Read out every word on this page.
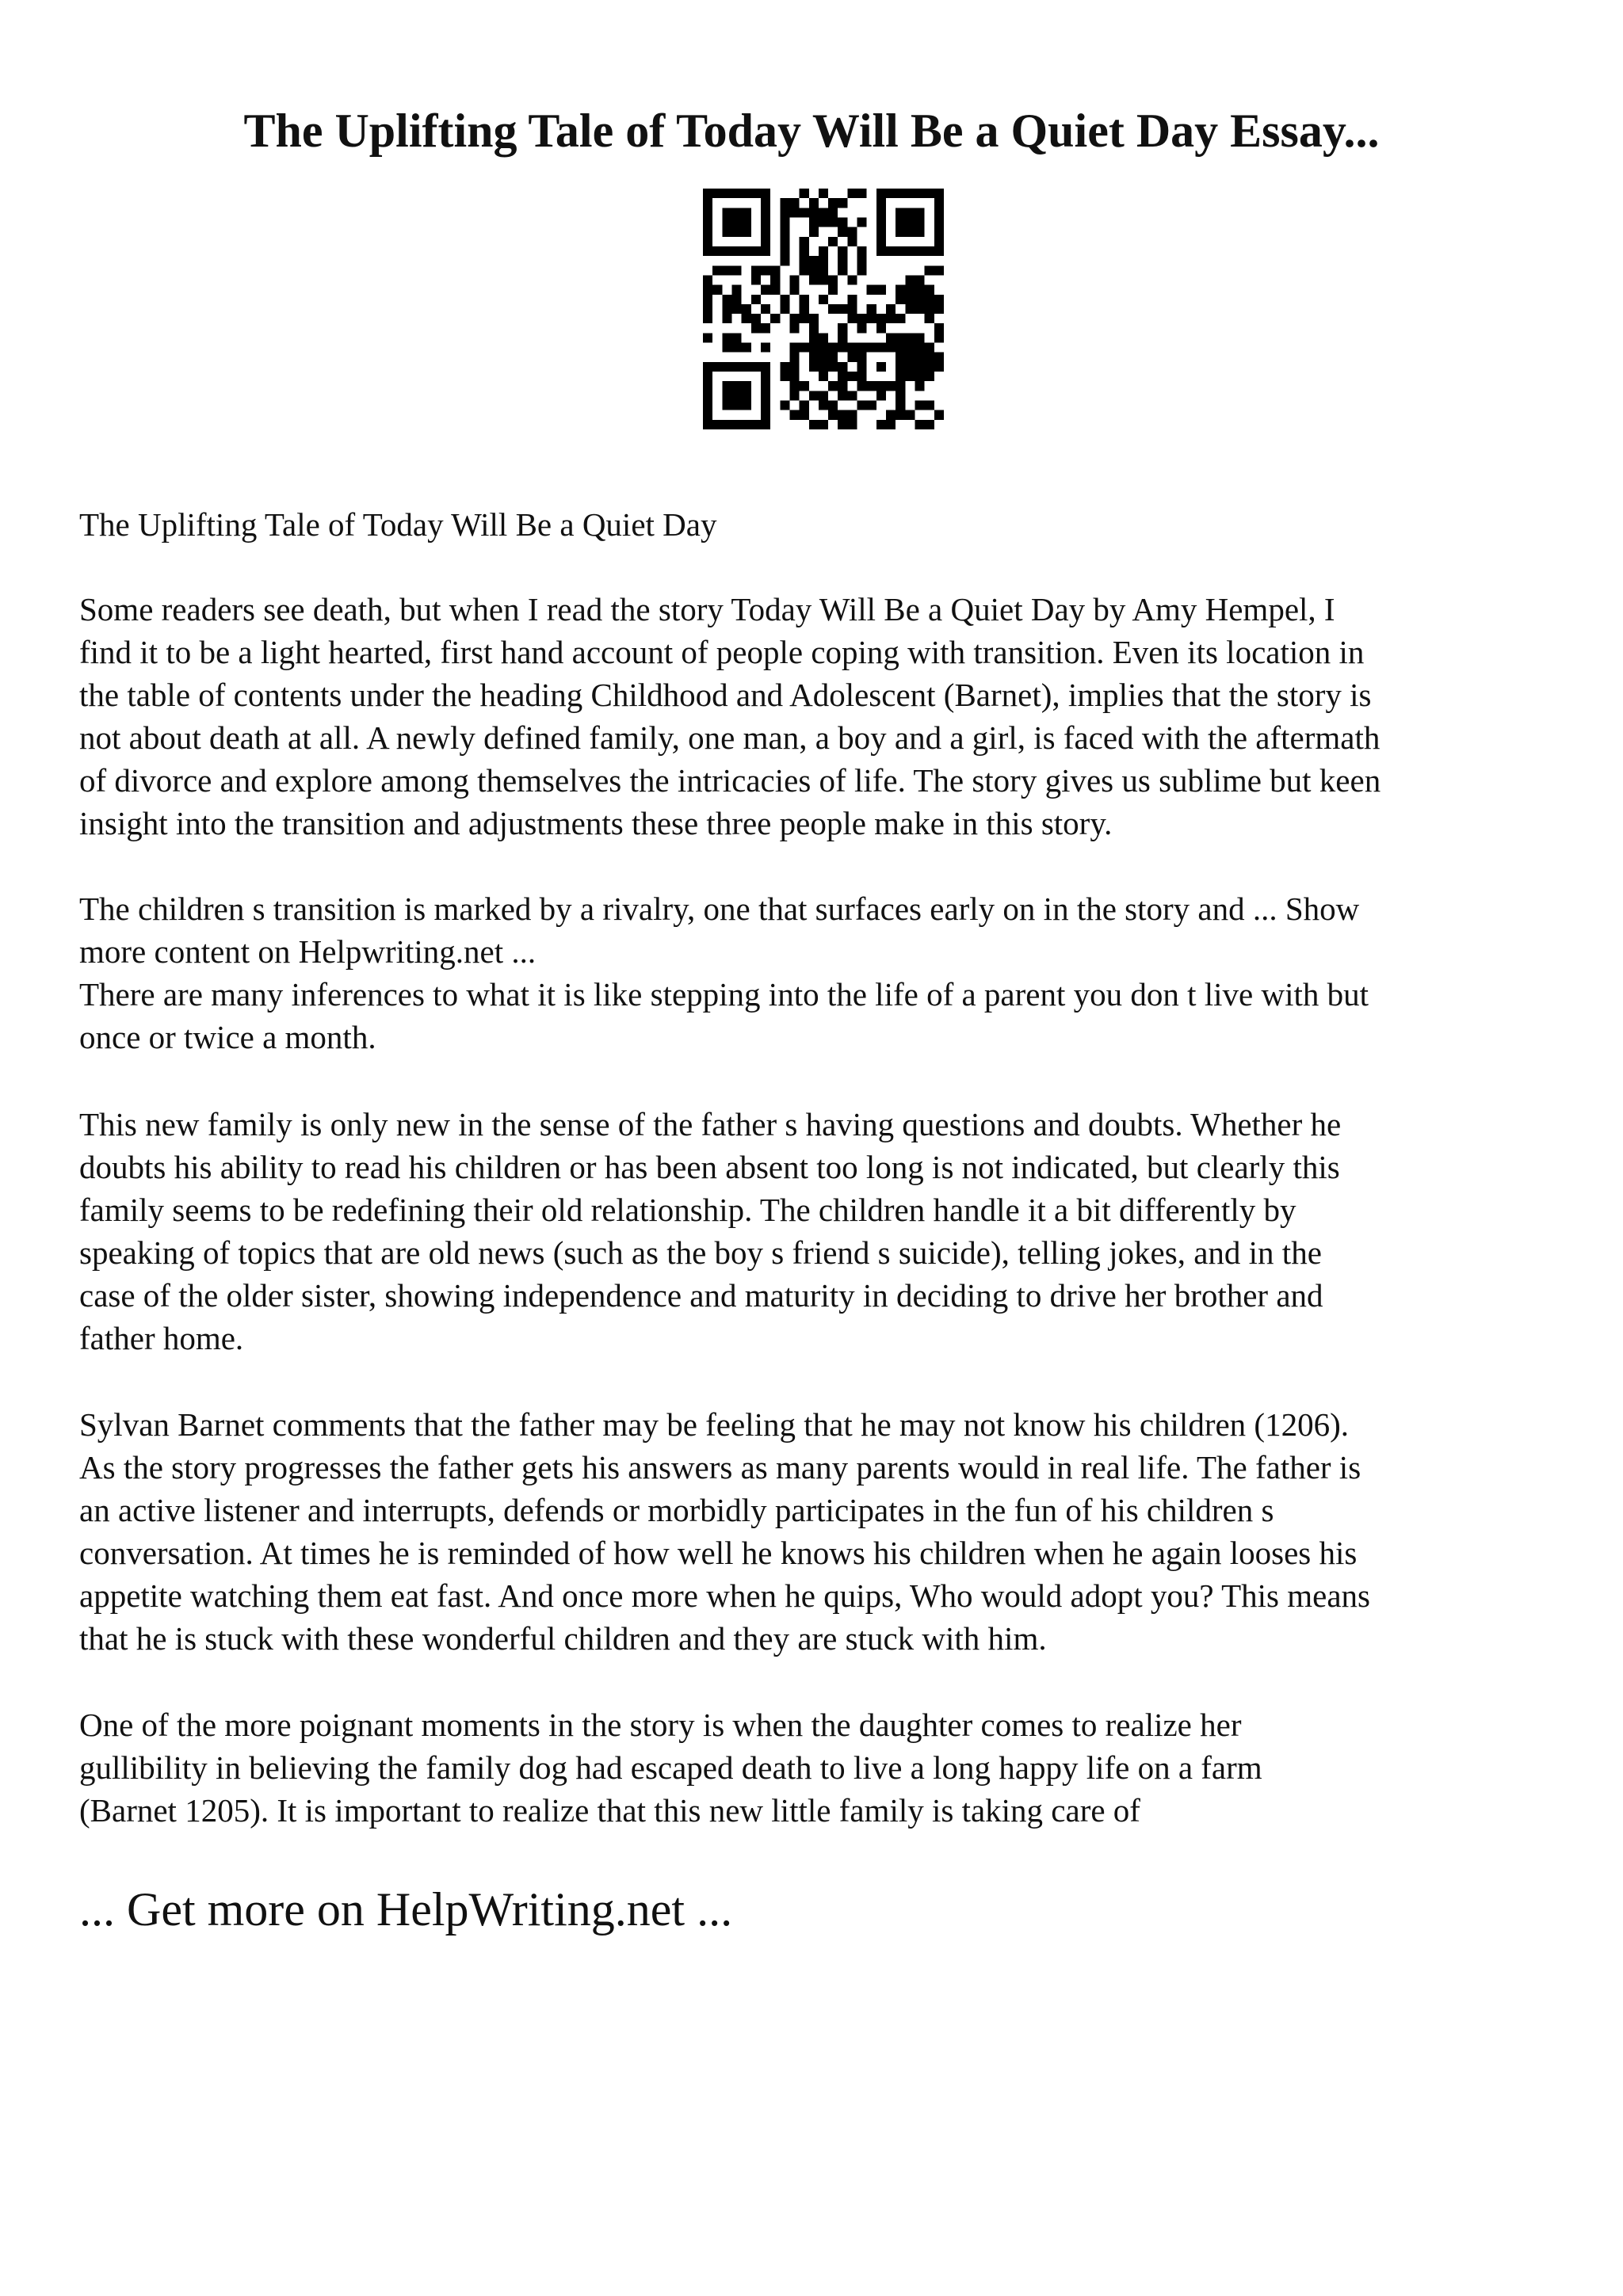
The Uplifting Tale of Today Will Be a Quiet Day Essay...
The Uplifting Tale of Today Will Be a Quiet Day
Some readers see death, but when I read the story Today Will Be a Quiet Day by Amy Hempel, I
find it to be a light hearted, first hand account of people coping with transition. Even its location in
the table of contents under the heading Childhood and Adolescent (Barnet), implies that the story is
not about death at all. A newly defined family, one man, a boy and a girl, is faced with the aftermath
of divorce and explore among themselves the intricacies of life. The story gives us sublime but keen
insight into the transition and adjustments these three people make in this story.
The children s transition is marked by a rivalry, one that surfaces early on in the story and ... Show
more content on Helpwriting.net ...
There are many inferences to what it is like stepping into the life of a parent you don t live with but
once or twice a month.
This new family is only new in the sense of the father s having questions and doubts. Whether he
doubts his ability to read his children or has been absent too long is not indicated, but clearly this
family seems to be redefining their old relationship. The children handle it a bit differently by
speaking of topics that are old news (such as the boy s friend s suicide), telling jokes, and in the
case of the older sister, showing independence and maturity in deciding to drive her brother and
father home.
Sylvan Barnet comments that the father may be feeling that he may not know his children (1206).
As the story progresses the father gets his answers as many parents would in real life. The father is
an active listener and interrupts, defends or morbidly participates in the fun of his children s
conversation. At times he is reminded of how well he knows his children when he again looses his
appetite watching them eat fast. And once more when he quips, Who would adopt you? This means
that he is stuck with these wonderful children and they are stuck with him.
One of the more poignant moments in the story is when the daughter comes to realize her
gullibility in believing the family dog had escaped death to live a long happy life on a farm
(Barnet 1205). It is important to realize that this new little family is taking care of
... Get more on HelpWriting.net ...
